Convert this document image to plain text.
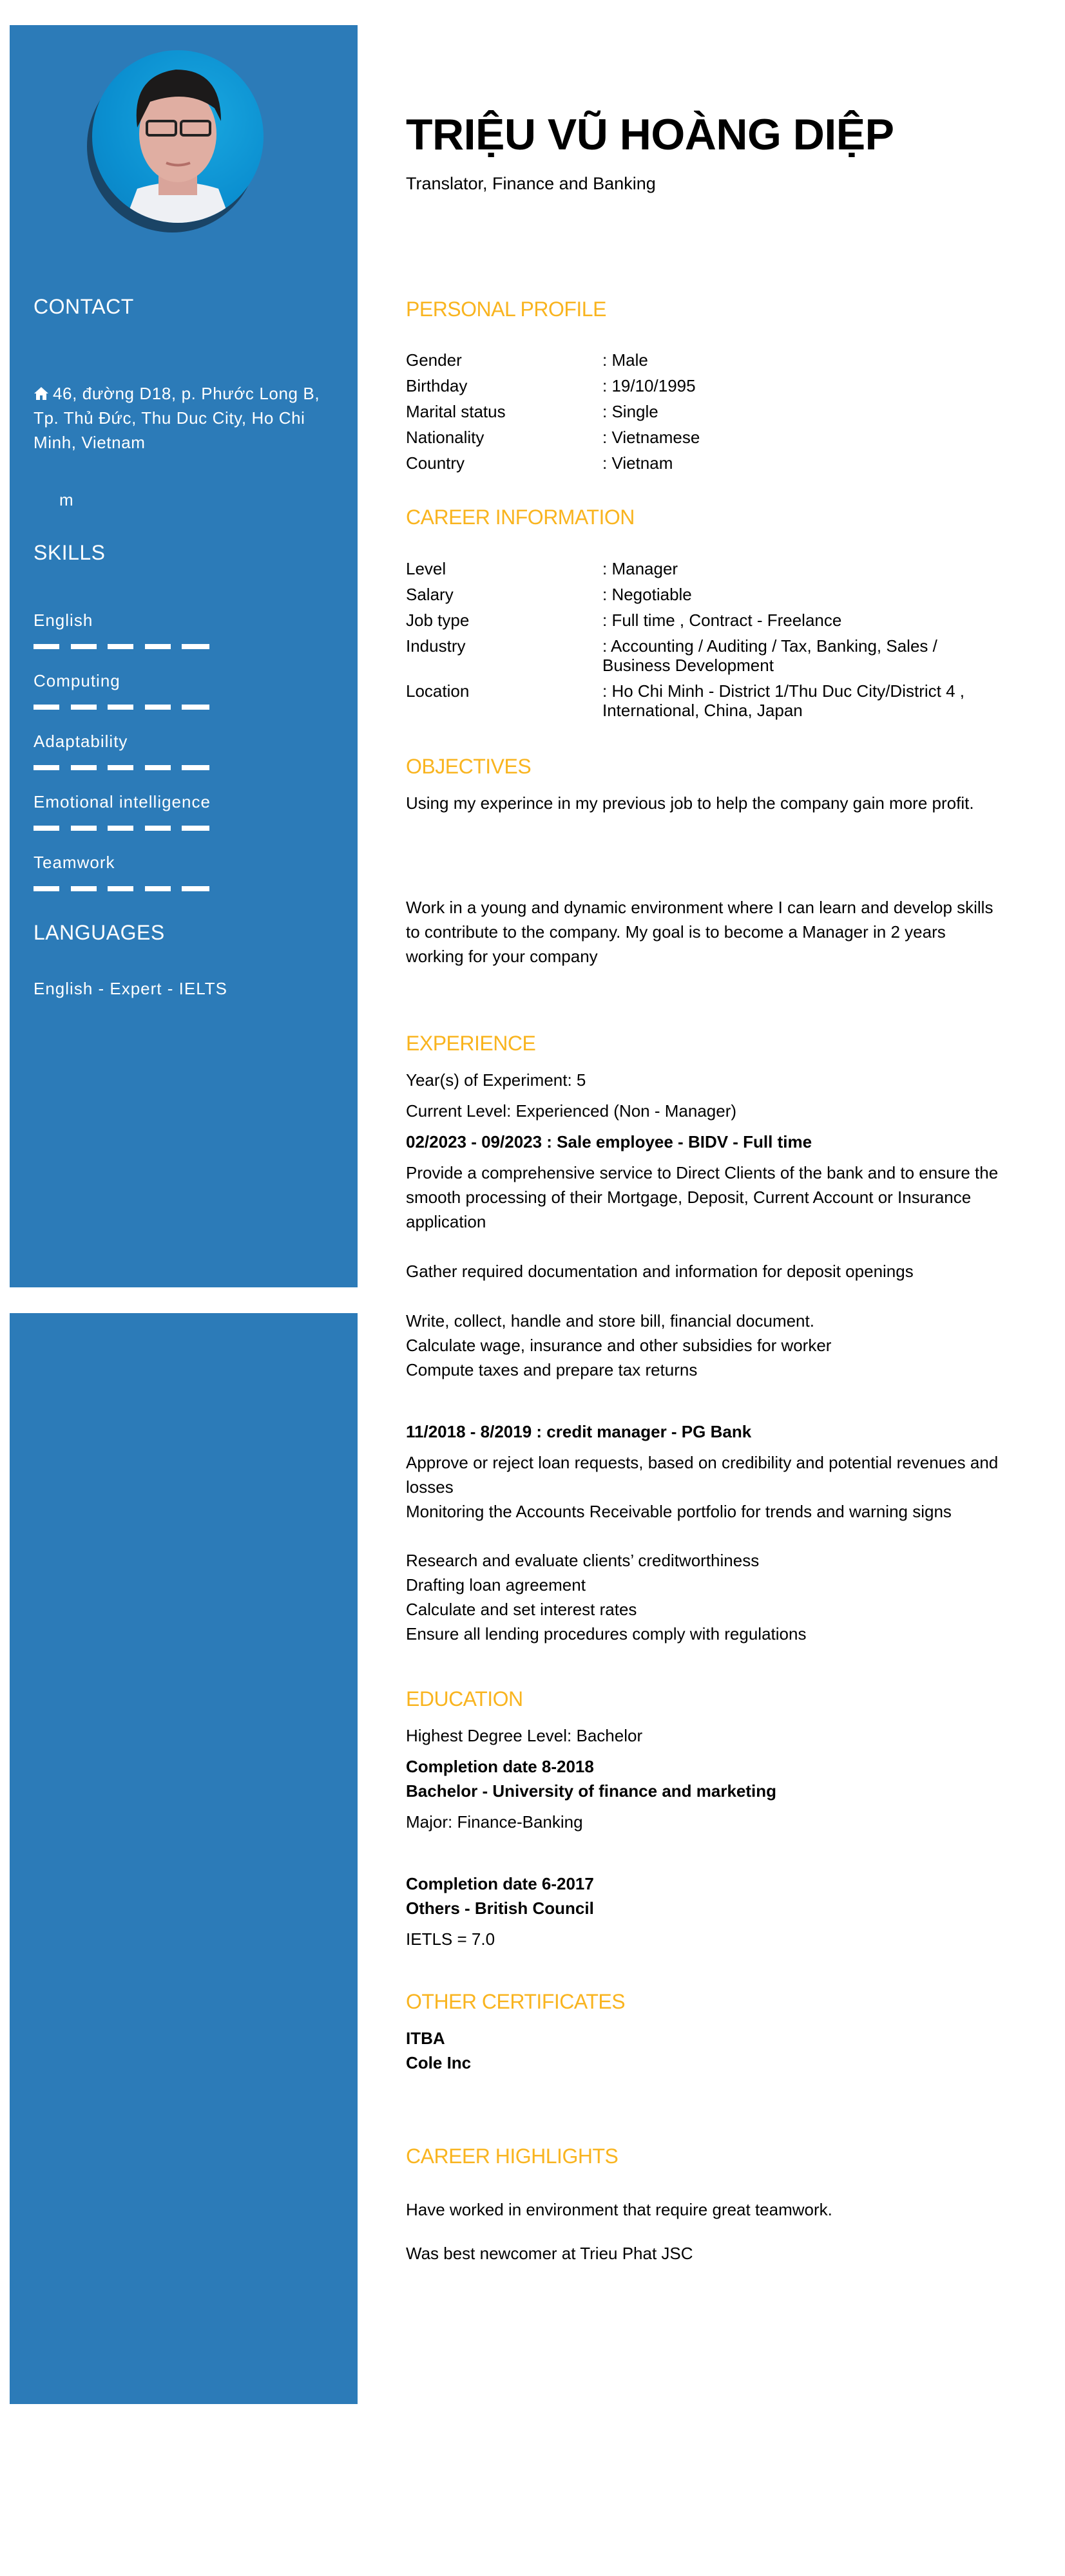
CONTACT
46, đường D18, p. Phước Long B, Tp. Thủ Đức, Thu Duc City, Ho Chi Minh, Vietnam
m
SKILLS
English
Computing
Adaptability
Emotional intelligence
Teamwork
LANGUAGES
English - Expert - IELTS
TRIỆU VŨ HOÀNG DIỆP
Translator, Finance and Banking
PERSONAL PROFILE
Gender	: Male
Birthday	: 19/10/1995
Marital status	: Single
Nationality	: Vietnamese
Country	: Vietnam
CAREER INFORMATION
Level	: Manager
Salary	: Negotiable
Job type	: Full time , Contract - Freelance
Industry	: Accounting / Auditing / Tax, Banking, Sales / Business Development
Location	: Ho Chi Minh - District 1/Thu Duc City/District 4 , International, China, Japan
OBJECTIVES
Using my experince in my previous job to help the company gain more profit.
Work in a young and dynamic environment where I can learn and develop skills to contribute to the company. My goal is to become a Manager in 2 years working for your company
EXPERIENCE
Year(s) of Experiment: 5
Current Level: Experienced (Non - Manager)
02/2023 - 09/2023 : Sale employee - BIDV - Full time
Provide a comprehensive service to Direct Clients of the bank and to ensure the smooth processing of their Mortgage, Deposit, Current Account or Insurance application
Gather required documentation and information for deposit openings
Write, collect, handle and store bill, financial document.
Calculate wage, insurance and other subsidies for worker
Compute taxes and prepare tax returns
11/2018 - 8/2019 : credit manager - PG Bank
Approve or reject loan requests, based on credibility and potential revenues and losses
Monitoring the Accounts Receivable portfolio for trends and warning signs
Research and evaluate clients’ creditworthiness
Drafting loan agreement
Calculate and set interest rates
Ensure all lending procedures comply with regulations
EDUCATION
Highest Degree Level: Bachelor
Completion date 8-2018
Bachelor - University of finance and marketing
Major: Finance-Banking
Completion date 6-2017
Others - British Council
IETLS = 7.0
OTHER CERTIFICATES
ITBA
Cole Inc
CAREER HIGHLIGHTS
Have worked in environment that require great teamwork.
Was best newcomer at Trieu Phat JSC
